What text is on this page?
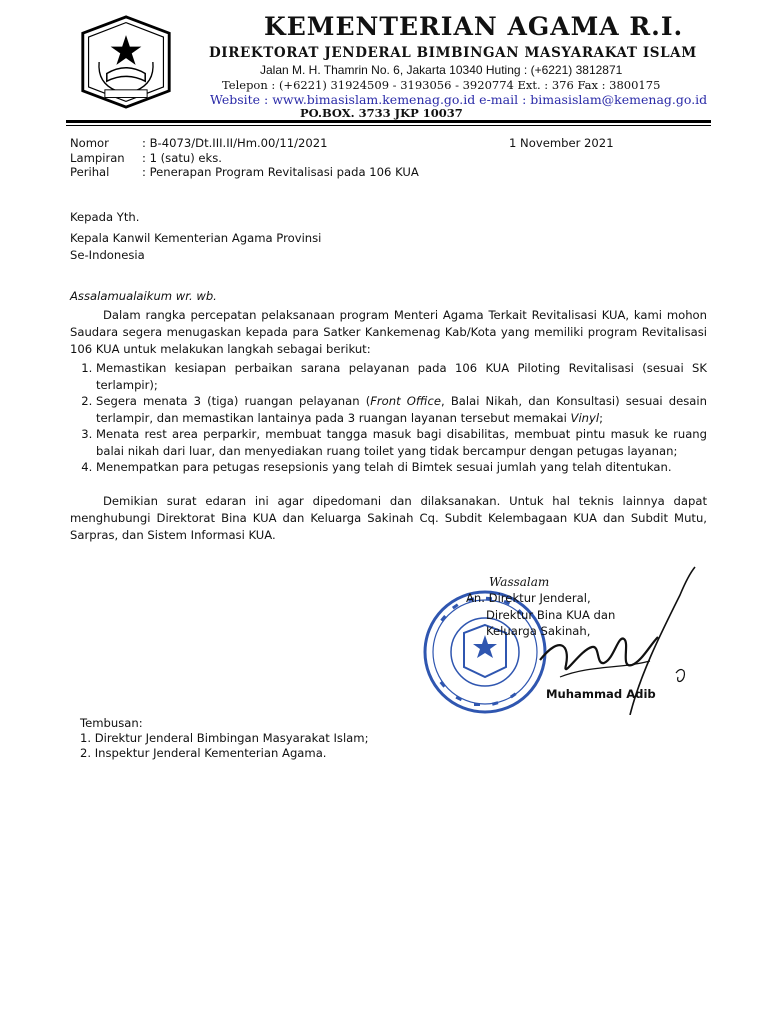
KEMENTERIAN AGAMA R.I.
DIREKTORAT JENDERAL BIMBINGAN MASYARAKAT ISLAM
Jalan M. H. Thamrin No. 6, Jakarta 10340 Huting : (+6221) 3812871
Telepon : (+6221) 31924509 - 3193056 - 3920774 Ext. : 376 Fax : 3800175
Website : www.bimasislam.kemenag.go.id e-mail : bimasislam@kemenag.go.id
PO.BOX. 3733 JKP 10037
Nomor	: B-4073/Dt.III.II/Hm.00/11/2021
Lampiran	: 1 (satu) eks.
Perihal	: Penerapan Program Revitalisasi pada 106 KUA
1 November 2021
Kepada Yth.
Kepala Kanwil Kementerian Agama Provinsi
Se-Indonesia
Assalamualaikum wr. wb.

Dalam rangka percepatan pelaksanaan program Menteri Agama Terkait Revitalisasi KUA, kami mohon Saudara segera menugaskan kepada para Satker Kankemenag Kab/Kota yang memiliki program Revitalisasi 106 KUA untuk melakukan langkah sebagai berikut:

1. Memastikan kesiapan perbaikan sarana pelayanan pada 106 KUA Piloting Revitalisasi (sesuai SK terlampir);
2. Segera menata 3 (tiga) ruangan pelayanan (Front Office, Balai Nikah, dan Konsultasi) sesuai desain terlampir, dan memastikan lantainya pada 3 ruangan layanan tersebut memakai Vinyl;
3. Menata rest area perparkir, membuat tangga masuk bagi disabilitas, membuat pintu masuk ke ruang balai nikah dari luar, dan menyediakan ruang toilet yang tidak bercampur dengan petugas layanan;
4. Menempatkan para petugas resepsionis yang telah di Bimtek sesuai jumlah yang telah ditentukan.

Demikian surat edaran ini agar dipedomani dan dilaksanakan. Untuk hal teknis lainnya dapat menghubungi Direktorat Bina KUA dan Keluarga Sakinah Cq. Subdit Kelembagaan KUA dan Subdit Mutu, Sarpras, dan Sistem Informasi KUA.

Wassalam
An. Direktur Jenderal,
Direktur Bina KUA dan
Keluarga Sakinah,
Muhammad Adib
Tembusan:
1. Direktur Jenderal Bimbingan Masyarakat Islam;
2. Inspektur Jenderal Kementerian Agama.
